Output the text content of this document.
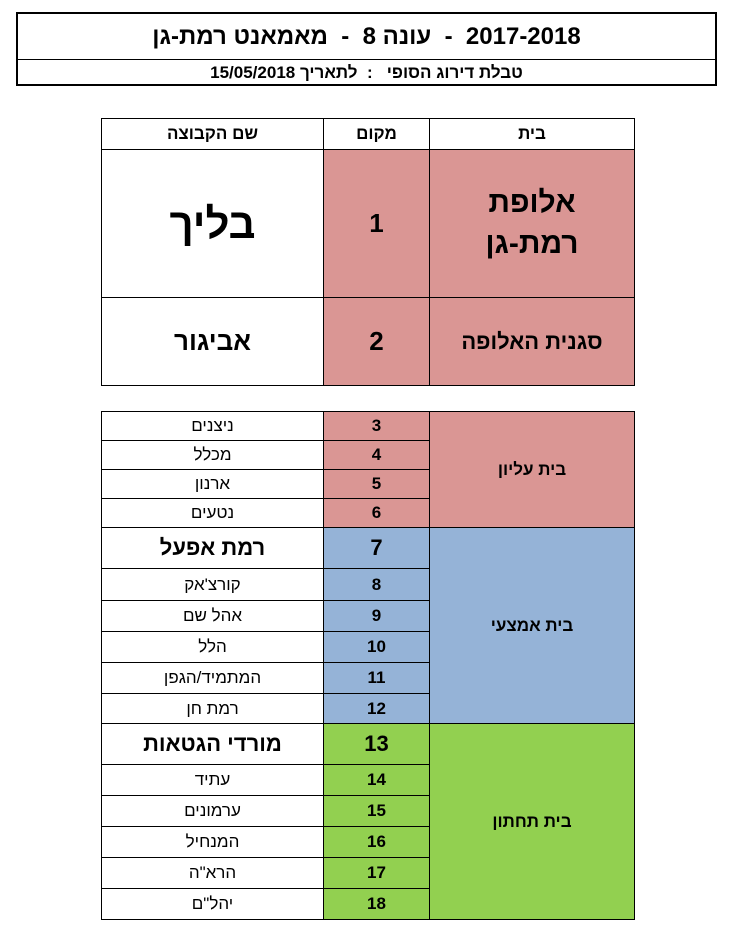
2017-2018  -  עונה 8  -  מאמאנט רמת-גן
טבלת דירוג הסופי   :  לתאריך 15/05/2018
בית	מקום	שם הקבוצה

אלופת
רמת-גן	1	בליך
סגנית האלופה	2	אביגור
בית עליון	3	ניצנים
	4	מכלל
	5	ארנון
	6	נטעים
בית אמצעי	7	רמת אפעל
	8	קורצ'אק
	9	אהל שם
	10	הלל
	11	המתמיד/הגפן
	12	רמת חן
בית תחתון	13	מורדי הגטאות
	14	עתיד
	15	ערמונים
	16	המנחיל
	17	הרא"ה
	18	יהל"ם
